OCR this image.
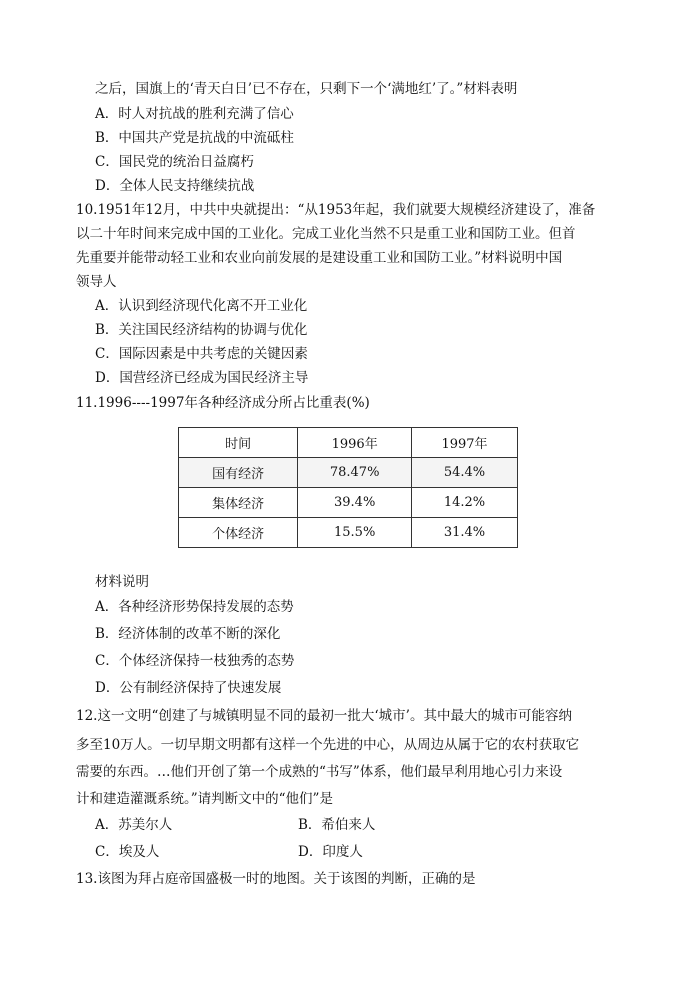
之后，国旗上的‘青天白日’已不存在，只剩下一个‘满地红’了。”材料表明
A．时人对抗战的胜利充满了信心
B．中国共产党是抗战的中流砥柱
C．国民党的统治日益腐朽
D．全体人民支持继续抗战
10.1951年12月，中共中央就提出：“从1953年起，我们就要大规模经济建设了，准备
以二十年时间来完成中国的工业化。完成工业化当然不只是重工业和国防工业。但首
先重要并能带动轻工业和农业向前发展的是建设重工业和国防工业。”材料说明中国
领导人
A．认识到经济现代化离不开工业化
B．关注国民经济结构的协调与优化
C．国际因素是中共考虑的关键因素
D．国营经济已经成为国民经济主导
11.1996----1997年各种经济成分所占比重表(%)
时间	1996年	1997年
国有经济	78.47%	54.4%
集体经济	39.4%	14.2%
个体经济	15.5%	31.4%
材料说明
A．各种经济形势保持发展的态势
B．经济体制的改革不断的深化
C．个体经济保持一枝独秀的态势
D．公有制经济保持了快速发展
12.这一文明“创建了与城镇明显不同的最初一批大‘城市’。其中最大的城市可能容纳
多至10万人。一切早期文明都有这样一个先进的中心，从周边从属于它的农村获取它
需要的东西。…他们开创了第一个成熟的“书写”体系，他们最早利用地心引力来设
计和建造灌溉系统。”请判断文中的“他们”是
A．苏美尔人	B．希伯来人
C．埃及人	D．印度人
13.该图为拜占庭帝国盛极一时的地图。关于该图的判断，正确的是
